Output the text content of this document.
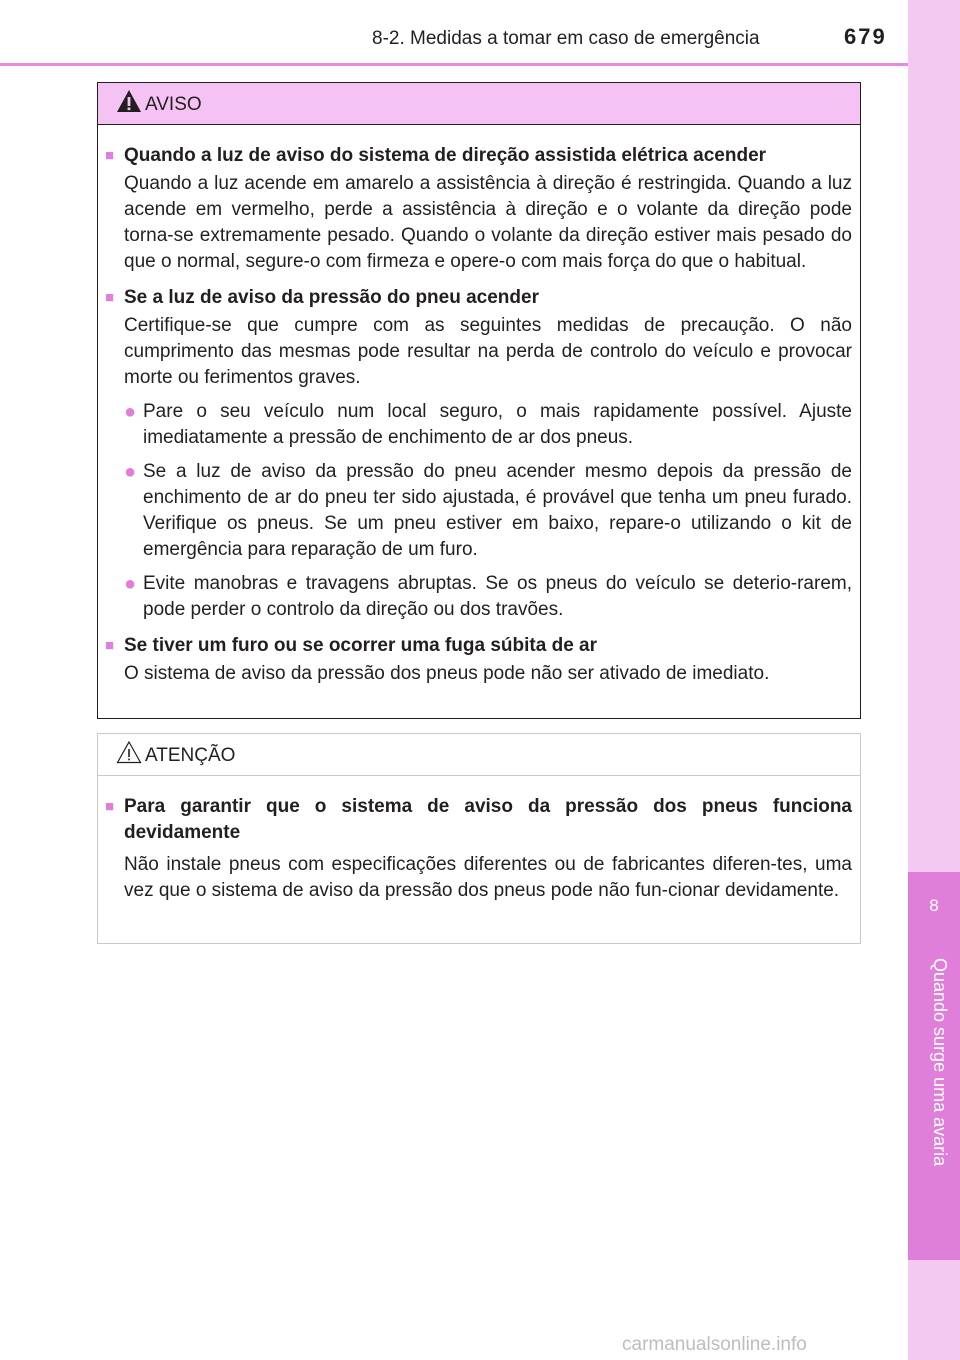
8-2. Medidas a tomar em caso de emergência	679
8
Quando surge uma avaria
AVISO
■ Quando a luz de aviso do sistema de direção assistida elétrica acender
Quando a luz acende em amarelo a assistência à direção é restringida. Quando a luz acende em vermelho, perde a assistência à direção e o volante da direção pode torna-se extremamente pesado. Quando o volante da direção estiver mais pesado do que o normal, segure-o com firmeza e opere-o com mais força do que o habitual.
■ Se a luz de aviso da pressão do pneu acender
Certifique-se que cumpre com as seguintes medidas de precaução. O não cumprimento das mesmas pode resultar na perda de controlo do veículo e provocar morte ou ferimentos graves.
● Pare o seu veículo num local seguro, o mais rapidamente possível. Ajuste imediatamente a pressão de enchimento de ar dos pneus.
● Se a luz de aviso da pressão do pneu acender mesmo depois da pressão de enchimento de ar do pneu ter sido ajustada, é provável que tenha um pneu furado. Verifique os pneus. Se um pneu estiver em baixo, repare-o utilizando o kit de emergência para reparação de um furo.
● Evite manobras e travagens abruptas. Se os pneus do veículo se deterio-rarem, pode perder o controlo da direção ou dos travões.
■ Se tiver um furo ou se ocorrer uma fuga súbita de ar
O sistema de aviso da pressão dos pneus pode não ser ativado de imediato.
ATENÇÃO
■ Para garantir que o sistema de aviso da pressão dos pneus funciona devidamente
Não instale pneus com especificações diferentes ou de fabricantes diferen-tes, uma vez que o sistema de aviso da pressão dos pneus pode não fun-cionar devidamente.
carmanualsonline.info
